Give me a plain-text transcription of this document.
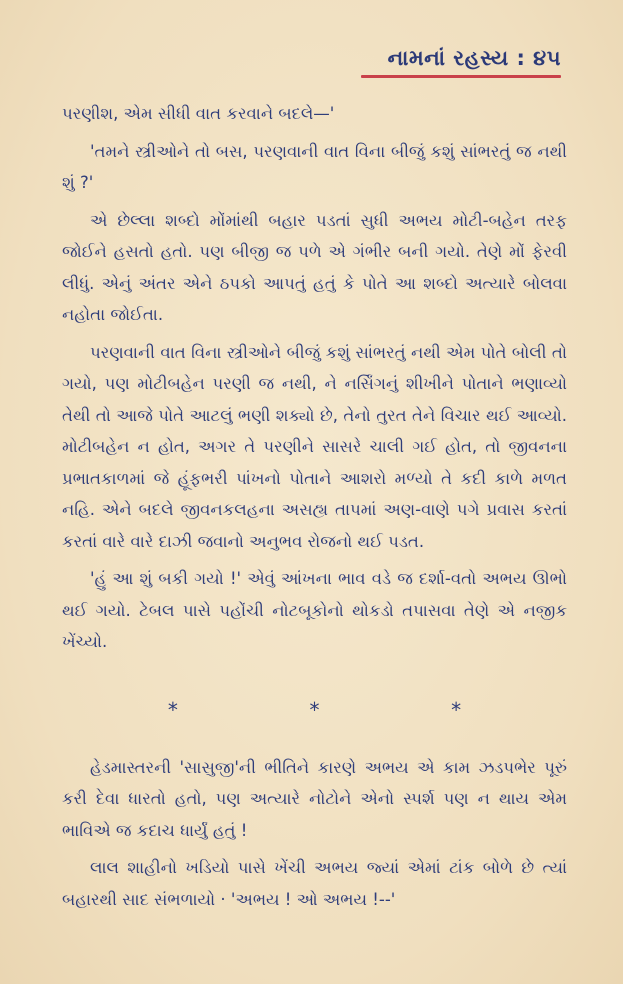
નામનાં રહસ્ય : ૪૫

પરણીશ, એમ સીધી વાત કરવાને બદલે—'

'તમને સ્ત્રીઓને તો બસ, પરણવાની વાત વિના બીજું કશું સાંભરતું જ નથી શું ?'

એ છેલ્લા શબ્દો મોંમાંથી બહાર પડતાં સુધી અભય મોટી-બહેન તરફ જોઈને હસતો હતો. પણ બીજી જ પળે એ ગંભીર બની ગયો. તેણે મોં ફેરવી લીધું. એનું અંતર એને ઠપકો આપતું હતું કે પોતે આ શબ્દો અત્યારે બોલવા નહોતા જોઈતા.

પરણવાની વાત વિના સ્ત્રીઓને બીજું કશું સાંભરતું નથી એમ પોતે બોલી તો ગયો, પણ મોટીબહેન પરણી જ નથી, ને નર્સિંગનું શીખીને પોતાને ભણાવ્યો તેથી તો આજે પોતે આટલું ભણી શક્યો છે, તેનો તુરત તેને વિચાર થઈ આવ્યો. મોટીબહેન ન હોત, અગર તે પરણીને સાસરે ચાલી ગઈ હોત, તો જીવનના પ્રભાતકાળમાં જે હૂંફભરી પાંખનો પોતાને આશરો મળ્યો તે કદી કાળે મળત નહિ. એને બદલે જીવનકલહના અસહ્ય તાપમાં અણ-વાણે પગે પ્રવાસ કરતાં કરતાં વારે વારે દાઝી જવાનો અનુભવ રોજનો થઈ પડત.

'હું આ શું બકી ગયો !' એવું આંખના ભાવ વડે જ દર્શા-વતો અભય ઊભો થઈ ગયો. ટેબલ પાસે પહોંચી નોટબૂકોનો થોકડો તપાસવા તેણે એ નજીક ખેંચ્યો.

*	*	*

હેડમાસ્તરની 'સાસુજી'ની ભીતિને કારણે અભય એ કામ ઝડપભેર પૂરું કરી દેવા ધારતો હતો, પણ અત્યારે નોટોને એનો સ્પર્શ પણ ન થાય એમ ભાવિએ જ કદાચ ધાર્યું હતું !

લાલ શાહીનો ખડિયો પાસે ખેંચી અભય જ્યાં એમાં ટાંક બોળે છે ત્યાં બહારથી સાદ સંભળાયો · 'અભય ! ઓ અભય !--'
